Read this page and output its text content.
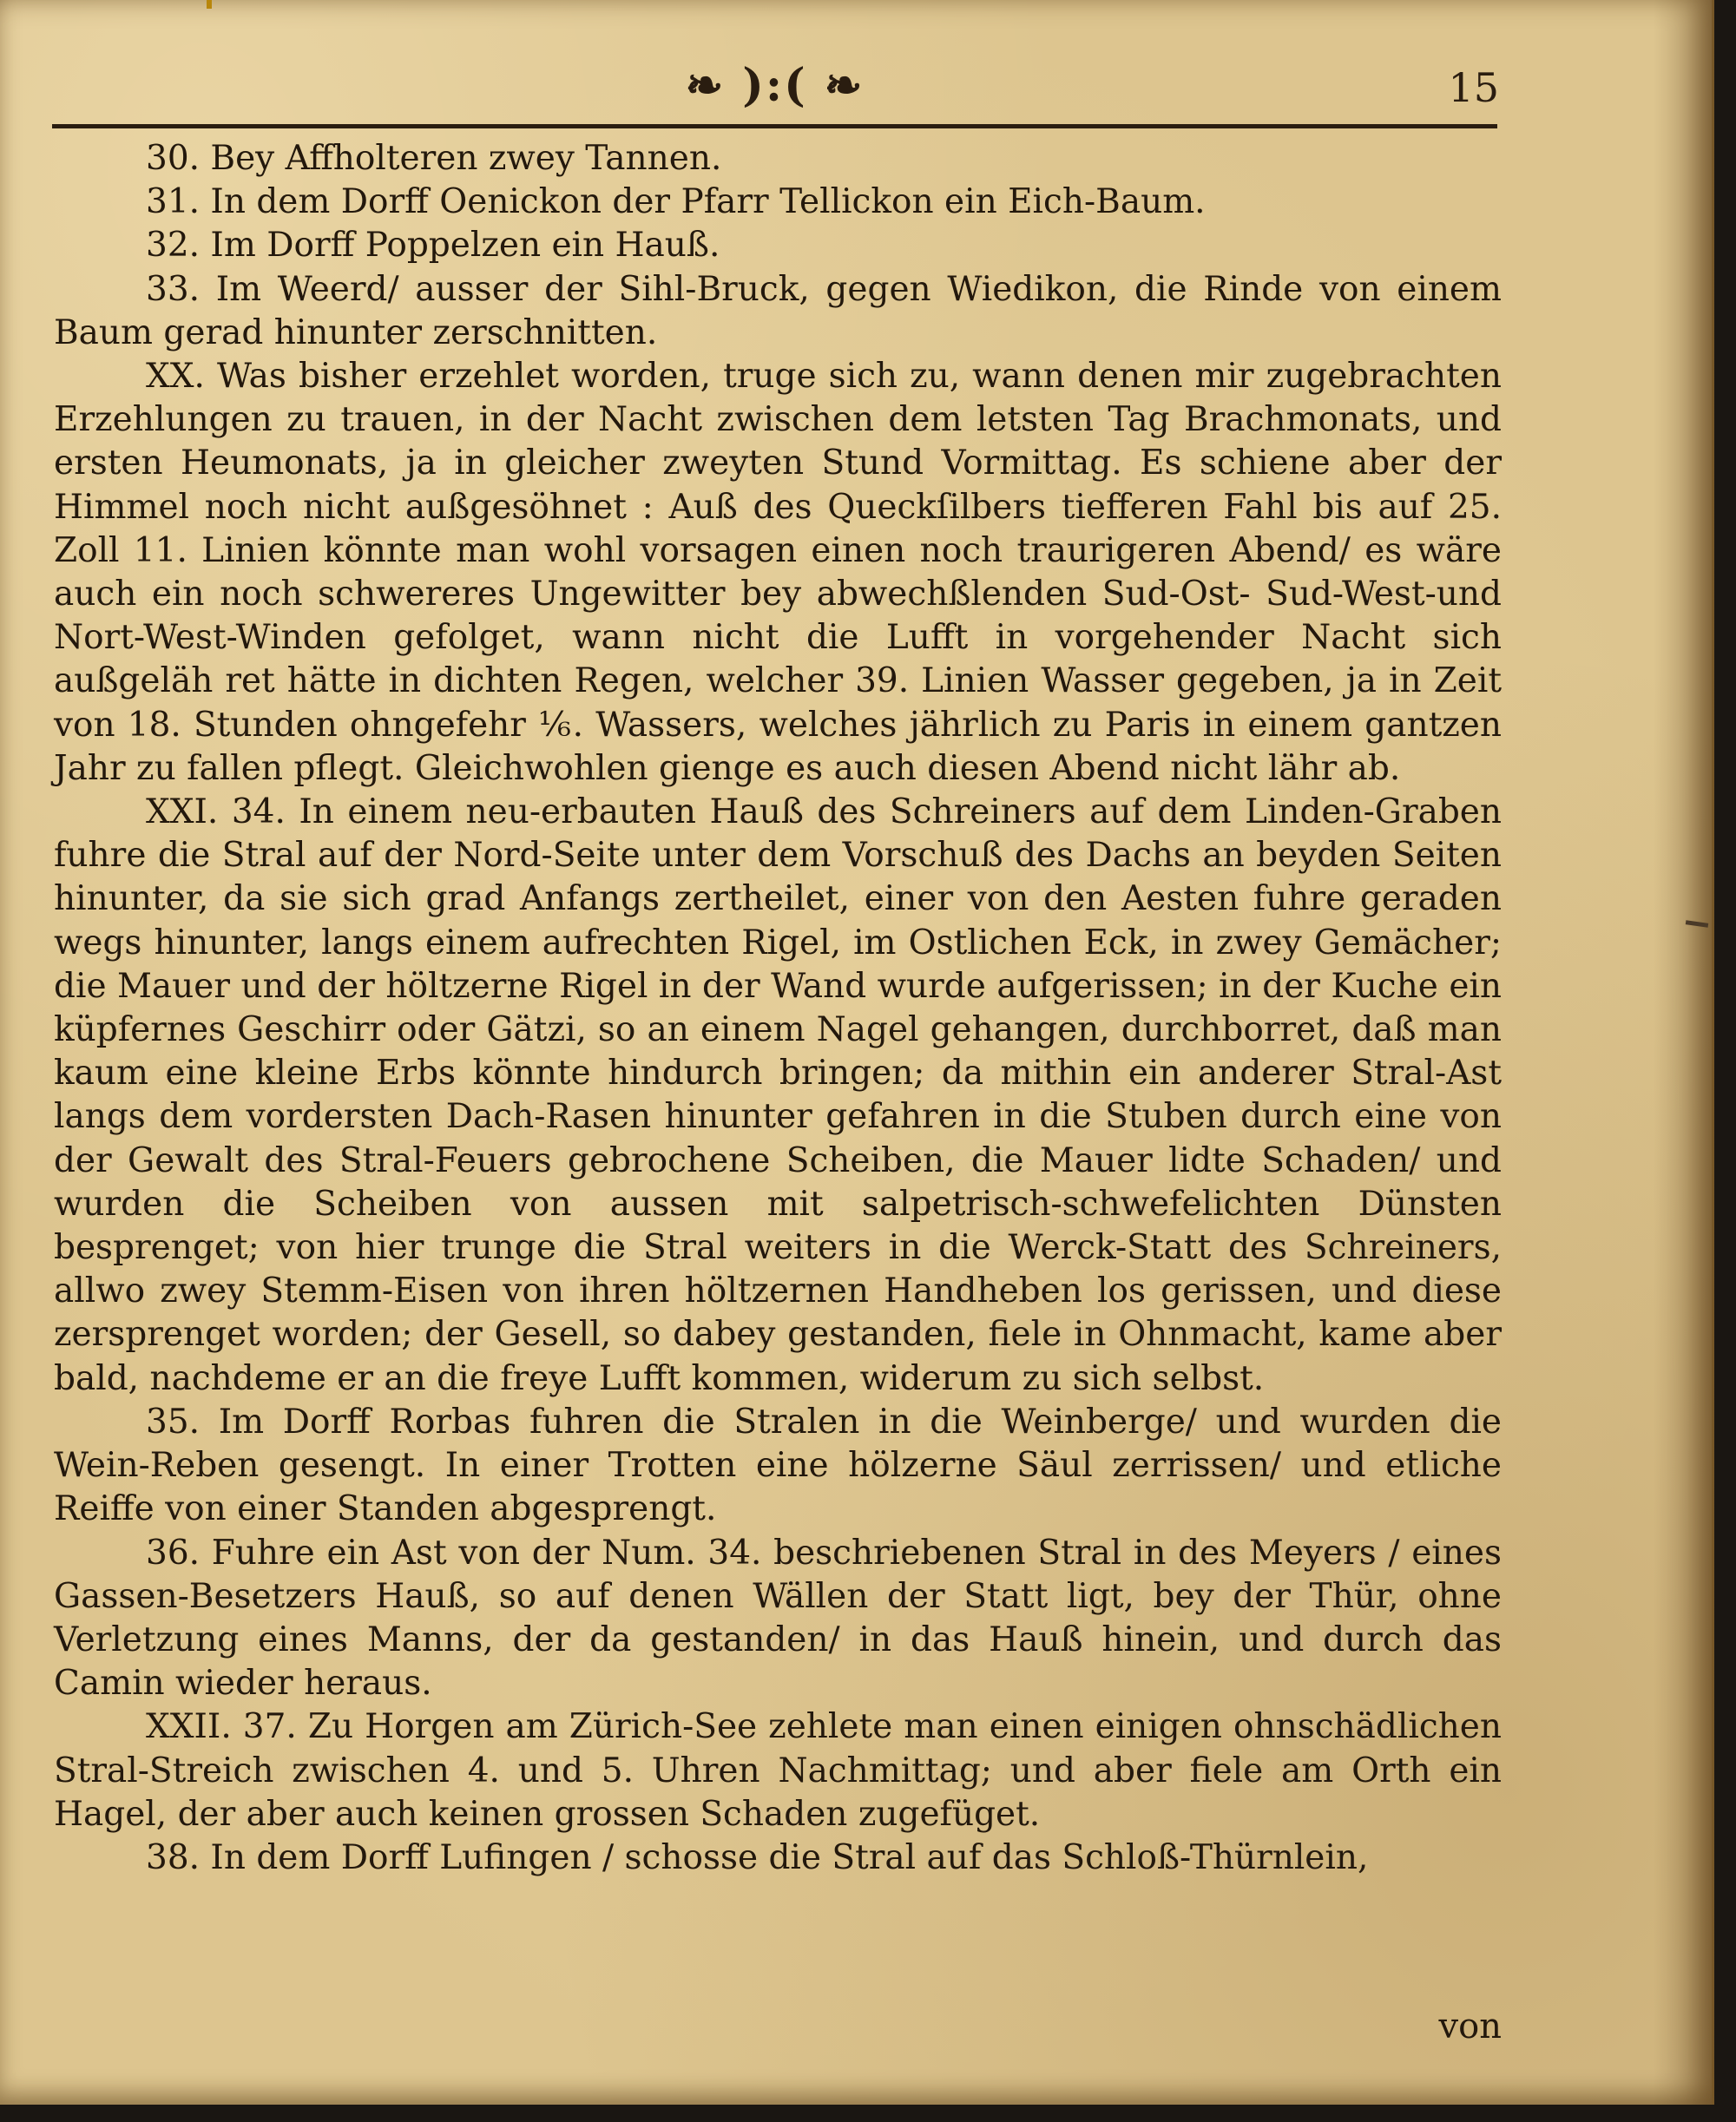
❧ ):( ❧	15

30. Bey Affholteren zwey Tannen.

31. In dem Dorff Oenickon der Pfarr Tellickon ein Eich-Baum.

32. Im Dorff Poppelzen ein Hauß.

33. Im Weerd/ ausser der Sihl-Bruck, gegen Wiedikon, die Rinde von einem Baum gerad hinunter zerschnitten.

XX. Was bisher erzehlet worden, truge sich zu, wann denen mir zugebrachten Erzehlungen zu trauen, in der Nacht zwischen dem letsten Tag Brachmonats, und ersten Heumonats, ja in gleicher zweyten Stund Vormittag. Es schiene aber der Himmel noch nicht außgesöhnet : Auß des Queckſilbers tiefferen Fahl bis auf 25. Zoll 11. Linien könnte man wohl vorsagen einen noch traurigeren Abend/ es wäre auch ein noch schwereres Ungewitter bey abwechßlenden Sud-Ost- Sud-West-und Nort-West-Winden gefolget, wann nicht die Lufft in vorgehender Nacht sich außgeläh ret hätte in dichten Regen, welcher 39. Linien Wasser gegeben, ja in Zeit von 18. Stunden ohngefehr ⅙. Wassers, welches jährlich zu Paris in einem gantzen Jahr zu fallen pflegt. Gleichwohlen gienge es auch diesen Abend nicht lähr ab.

XXI. 34. In einem neu-erbauten Hauß des Schreiners auf dem Linden-Graben fuhre die Stral auf der Nord-Seite unter dem Vorschuß des Dachs an beyden Seiten hinunter, da sie sich grad Anfangs zertheilet, einer von den Aesten fuhre geraden wegs hinunter, langs einem aufrechten Rigel, im Ostlichen Eck, in zwey Gemächer; die Mauer und der höltzerne Rigel in der Wand wurde aufgerissen; in der Kuche ein küpfernes Geschirr oder Gätzi, so an einem Nagel gehangen, durchborret, daß man kaum eine kleine Erbs könnte hindurch bringen; da mithin ein anderer Stral-Ast langs dem vordersten Dach-Rasen hinunter gefahren in die Stuben durch eine von der Gewalt des Stral-Feuers gebrochene Scheiben, die Mauer lidte Schaden/ und wurden die Scheiben von aussen mit salpetrisch-schwefelichten Dünsten besprenget; von hier trunge die Stral weiters in die Werck-Statt des Schreiners, allwo zwey Stemm-Eisen von ihren höltzernen Handheben los gerissen, und diese zersprenget worden; der Gesell, so dabey gestanden, fiele in Ohnmacht, kame aber bald, nachdeme er an die freye Lufft kommen, widerum zu sich selbst.

35. Im Dorff Rorbas fuhren die Stralen in die Weinberge/ und wurden die Wein-Reben gesengt. In einer Trotten eine hölzerne Säul zerrissen/ und etliche Reiffe von einer Standen abgesprengt.

36. Fuhre ein Ast von der Num. 34. beschriebenen Stral in des Meyers / eines Gassen-Besetzers Hauß, so auf denen Wällen der Statt ligt, bey der Thür, ohne Verletzung eines Manns, der da gestanden/ in das Hauß hinein, und durch das Camin wieder heraus.

XXII. 37. Zu Horgen am Zürich-See zehlete man einen einigen ohnschädlichen Stral-Streich zwischen 4. und 5. Uhren Nachmittag; und aber fiele am Orth ein Hagel, der aber auch keinen grossen Schaden zugefüget.

38. In dem Dorff Lufingen / schosse die Stral auf das Schloß-Thürnlein,

von
